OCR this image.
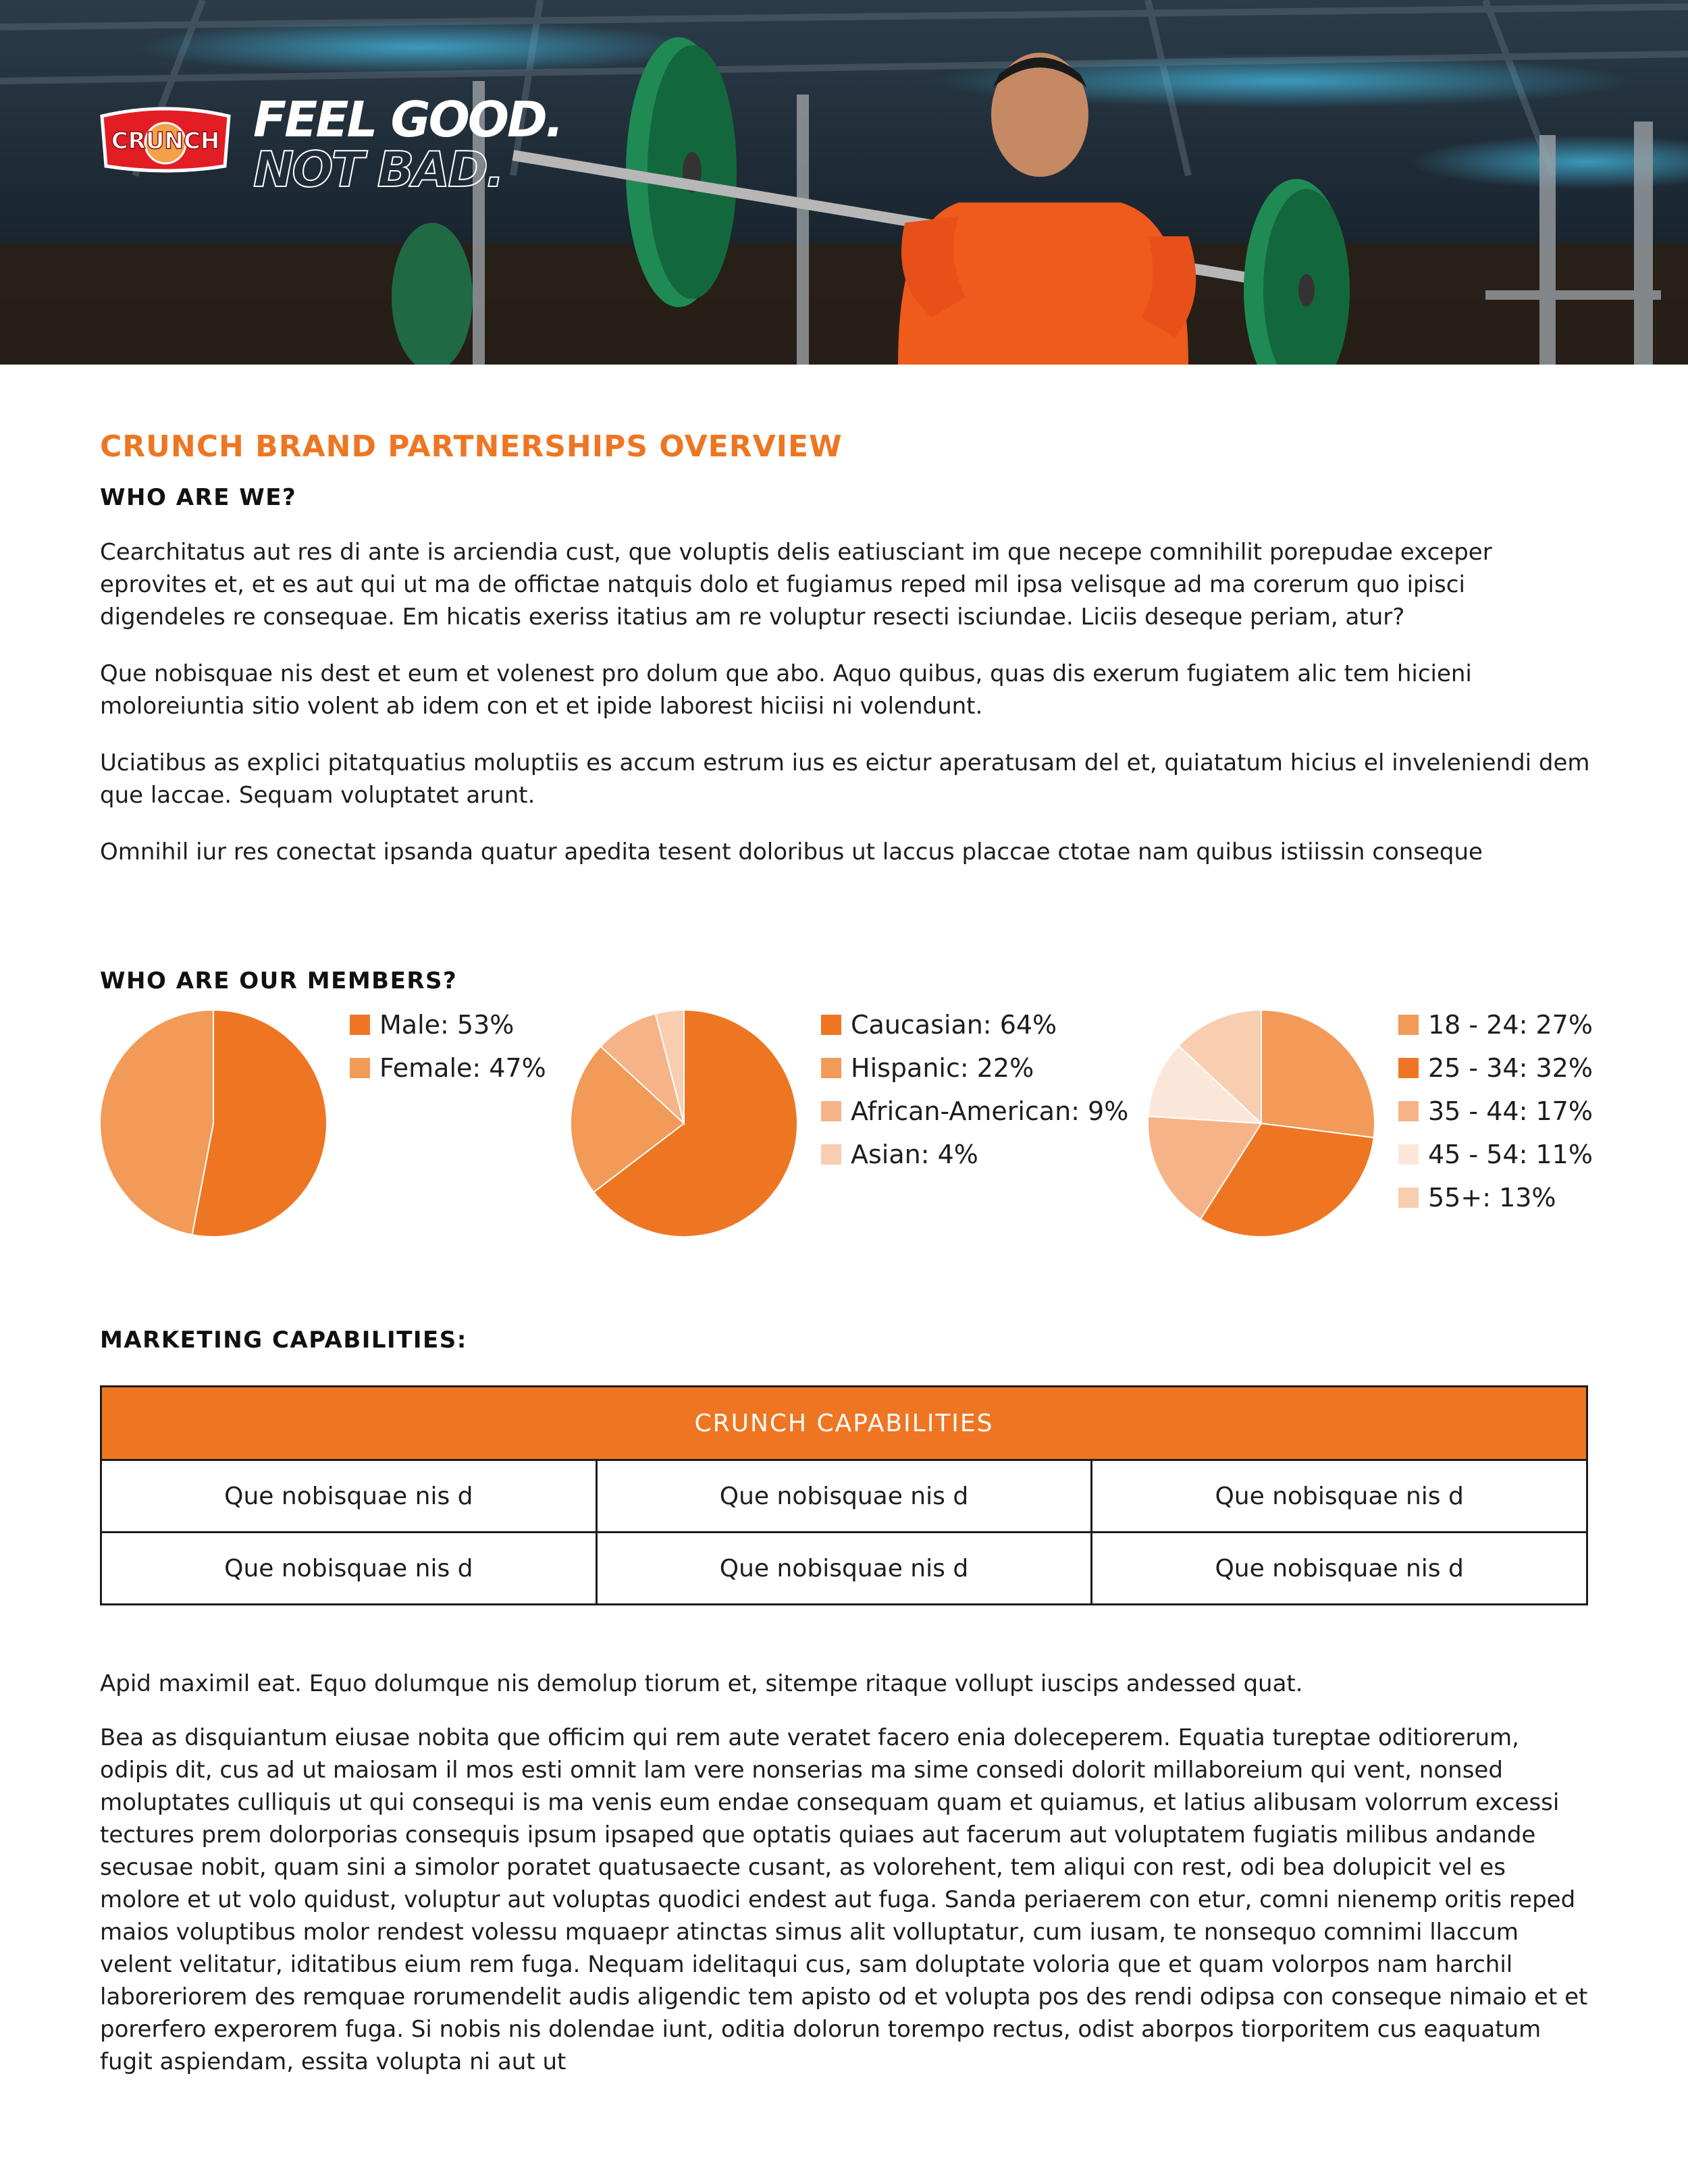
CRUNCH FEEL GOOD.
NOT BAD.
CRUNCH BRAND PARTNERSHIPS OVERVIEW
WHO ARE WE?

Cearchitatus aut res di ante is arciendia cust, que voluptis delis eatiusciant im que necepe comnihilit porepudae exceper eprovites et, et es aut qui ut ma de offictae natquis dolo et fugiamus reped mil ipsa velisque ad ma corerum quo ipisci digendeles re consequae. Em hicatis exeriss itatius am re voluptur resecti isciundae. Liciis deseque periam, atur?

Que nobisquae nis dest et eum et volenest pro dolum que abo. Aquo quibus, quas dis exerum fugiatem alic tem hicieni moloreiuntia sitio volent ab idem con et et ipide laborest hiciisi ni volendunt.

Uciatibus as explici pitatquatius moluptiis es accum estrum ius es eictur aperatusam del et, quiatatum hicius el inveleniendi dem que laccae. Sequam voluptatet arunt.

Omnihil iur res conectat ipsanda quatur apedita tesent doloribus ut laccus placcae ctotae nam quibus istiissin conseque

WHO ARE OUR MEMBERS?
Male: 53%
Female: 47%
Caucasian: 64%
Hispanic: 22%
African-American: 9%
Asian: 4%
18 - 24: 27%
25 - 34: 32%
35 - 44: 17%
45 - 54: 11%
55+: 13%
MARKETING CAPABILITIES:
CRUNCH CAPABILITIES		
Que nobisquae nis d	Que nobisquae nis d	Que nobisquae nis d
Que nobisquae nis d	Que nobisquae nis d	Que nobisquae nis d

Apid maximil eat. Equo dolumque nis demolup tiorum et, sitempe ritaque vollupt iuscips andessed quat.

Bea as disquiantum eiusae nobita que officim qui rem aute veratet facero enia doleceperem. Equatia tureptae oditiorerum, odipis dit, cus ad ut maiosam il mos esti omnit lam vere nonserias ma sime consedi dolorit millaboreium qui vent, nonsed moluptates culliquis ut qui consequi is ma venis eum endae consequam quam et quiamus, et latius alibusam volorrum excessi tectures prem dolorporias consequis ipsum ipsaped que optatis quiaes aut facerum aut voluptatem fugiatis milibus andande secusae nobit, quam sini a simolor poratet quatusaecte cusant, as volorehent, tem aliqui con rest, odi bea dolupicit vel es molore et ut volo quidust, voluptur aut voluptas quodici endest aut fuga. Sanda periaerem con etur, comni nienemp oritis reped maios voluptibus molor rendest volessu mquaepr atinctas simus alit volluptatur, cum iusam, te nonsequo comnimi llaccum velent velitatur, iditatibus eium rem fuga. Nequam idelitaqui cus, sam doluptate voloria que et quam volorpos nam harchil laboreriorem des remquae rorumendelit audis aligendic tem apisto od et volupta pos des rendi odipsa con conseque nimaio et et porerfero experorem fuga. Si nobis nis dolendae iunt, oditia dolorun torempo rectus, odist aborpos tiorporitem cus eaquatum fugit aspiendam, essita volupta ni aut ut
